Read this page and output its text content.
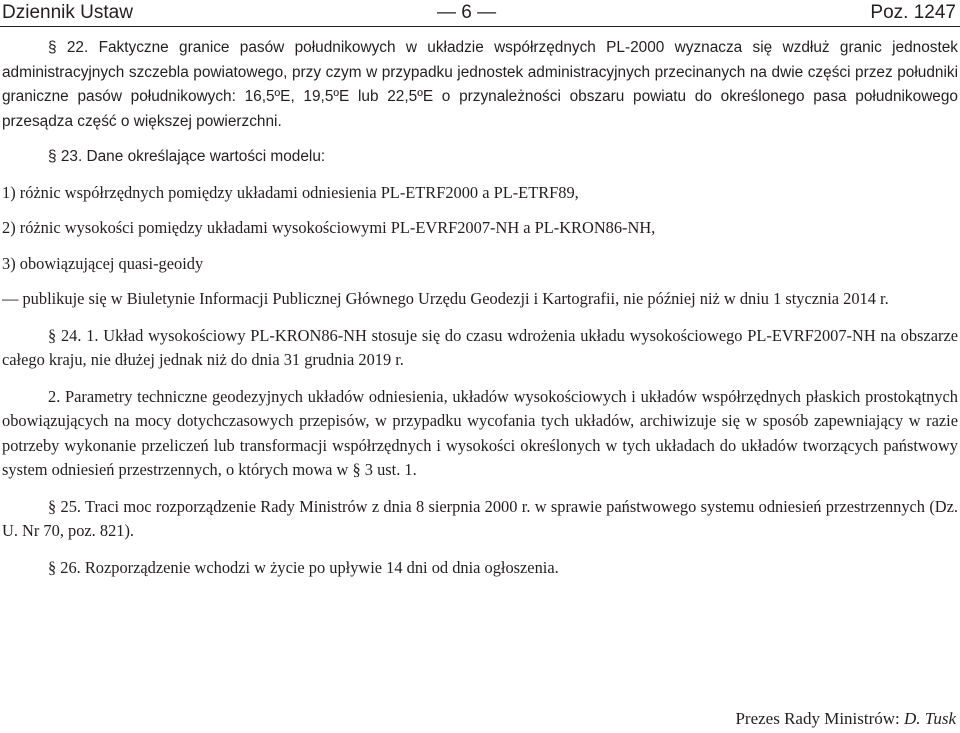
Dziennik Ustaw	— 6 —	Poz. 1247

§ 22. Faktyczne granice pasów południkowych w układzie współrzędnych PL-2000 wyznacza się wzdłuż granic jednostek administracyjnych szczebla powiatowego, przy czym w przypadku jednostek administracyjnych przecinanych na dwie części przez południki graniczne pasów południkowych: 16,5ºE, 19,5ºE lub 22,5ºE o przynależności obszaru powiatu do określonego pasa południkowego przesądza część o większej powierzchni.

§ 23. Dane określające wartości modelu:

1) różnic współrzędnych pomiędzy układami odniesienia PL-ETRF2000 a PL-ETRF89,

2) różnic wysokości pomiędzy układami wysokościowymi PL-EVRF2007-NH a PL-KRON86-NH,

3) obowiązującej quasi-geoidy

— publikuje się w Biuletynie Informacji Publicznej Głównego Urzędu Geodezji i Kartografii, nie później niż w dniu 1 stycznia 2014 r.

§ 24. 1. Układ wysokościowy PL-KRON86-NH stosuje się do czasu wdrożenia układu wysokościowego PL-EVRF2007-NH na obszarze całego kraju, nie dłużej jednak niż do dnia 31 grudnia 2019 r.

2. Parametry techniczne geodezyjnych układów odniesienia, układów wysokościowych i układów współrzędnych płaskich prostokątnych obowiązujących na mocy dotychczasowych przepisów, w przypadku wycofania tych układów, archiwizuje się w sposób zapewniający w razie potrzeby wykonanie przeliczeń lub transformacji współrzędnych i wysokości określonych w tych układach do układów tworzących państwowy system odniesień przestrzennych, o których mowa w § 3 ust. 1.

§ 25. Traci moc rozporządzenie Rady Ministrów z dnia 8 sierpnia 2000 r. w sprawie państwowego systemu odniesień przestrzennych (Dz. U. Nr 70, poz. 821).

§ 26. Rozporządzenie wchodzi w życie po upływie 14 dni od dnia ogłoszenia.

Prezes Rady Ministrów: D. Tusk
